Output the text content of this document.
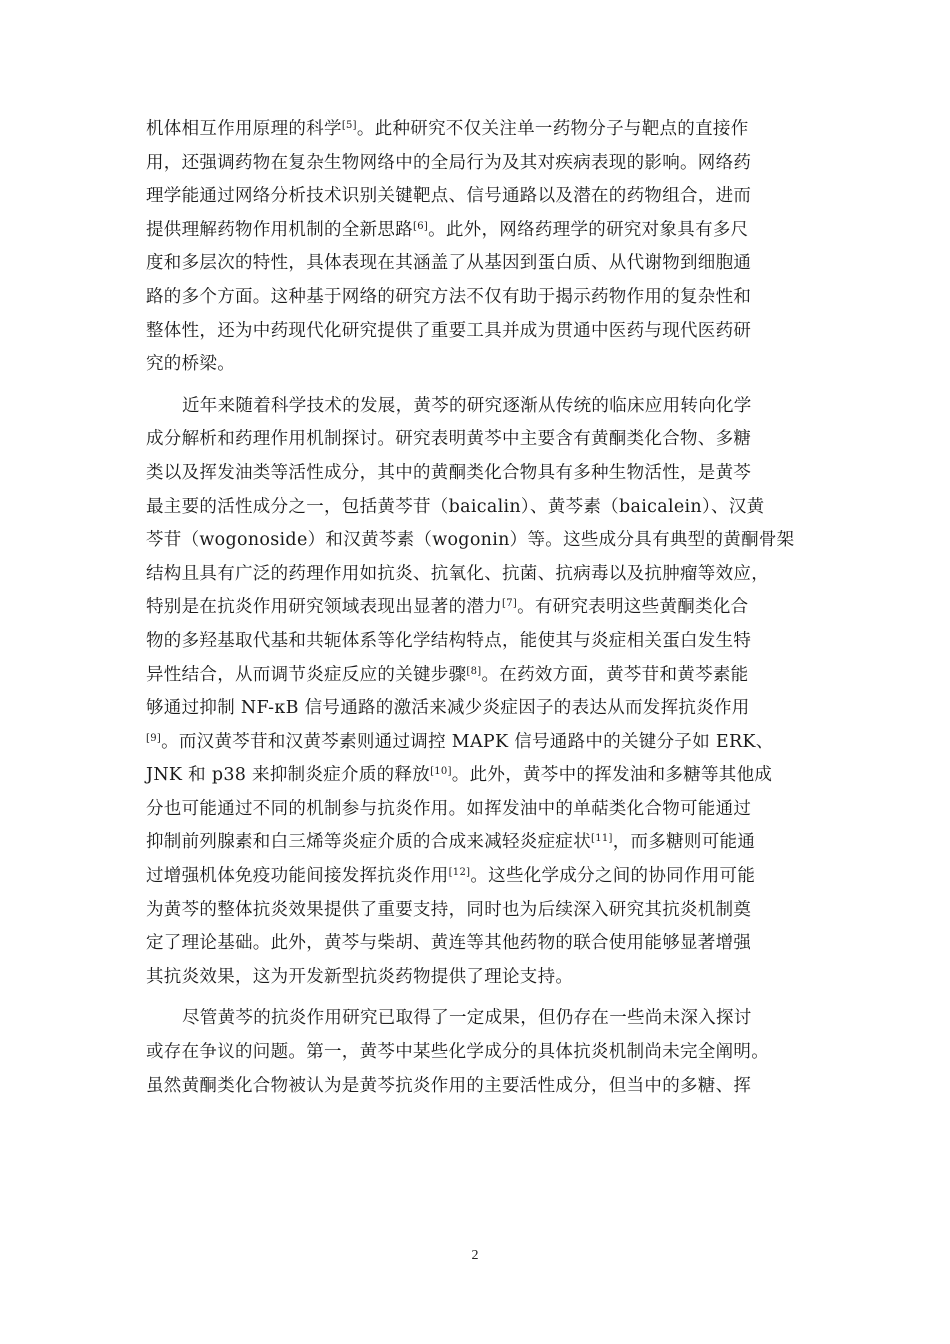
机体相互作用原理的科学[5]。此种研究不仅关注单一药物分子与靶点的直接作
用，还强调药物在复杂生物网络中的全局行为及其对疾病表现的影响。网络药
理学能通过网络分析技术识别关键靶点、信号通路以及潜在的药物组合，进而
提供理解药物作用机制的全新思路[6]。此外，网络药理学的研究对象具有多尺
度和多层次的特性，具体表现在其涵盖了从基因到蛋白质、从代谢物到细胞通
路的多个方面。这种基于网络的研究方法不仅有助于揭示药物作用的复杂性和
整体性，还为中药现代化研究提供了重要工具并成为贯通中医药与现代医药研
究的桥梁。
近年来随着科学技术的发展，黄芩的研究逐渐从传统的临床应用转向化学
成分解析和药理作用机制探讨。研究表明黄芩中主要含有黄酮类化合物、多糖
类以及挥发油类等活性成分，其中的黄酮类化合物具有多种生物活性，是黄芩
最主要的活性成分之一，包括黄芩苷（baicalin）、黄芩素（baicalein）、汉黄
芩苷（wogonoside）和汉黄芩素（wogonin）等。这些成分具有典型的黄酮骨架
结构且具有广泛的药理作用如抗炎、抗氧化、抗菌、抗病毒以及抗肿瘤等效应，
特别是在抗炎作用研究领域表现出显著的潜力[7]。有研究表明这些黄酮类化合
物的多羟基取代基和共轭体系等化学结构特点，能使其与炎症相关蛋白发生特
异性结合，从而调节炎症反应的关键步骤[8]。在药效方面，黄芩苷和黄芩素能
够通过抑制 NF-κB 信号通路的激活来减少炎症因子的表达从而发挥抗炎作用
[9]。而汉黄芩苷和汉黄芩素则通过调控 MAPK 信号通路中的关键分子如 ERK、
JNK 和 p38 来抑制炎症介质的释放[10]。此外，黄芩中的挥发油和多糖等其他成
分也可能通过不同的机制参与抗炎作用。如挥发油中的单萜类化合物可能通过
抑制前列腺素和白三烯等炎症介质的合成来减轻炎症症状[11]，而多糖则可能通
过增强机体免疫功能间接发挥抗炎作用[12]。这些化学成分之间的协同作用可能
为黄芩的整体抗炎效果提供了重要支持，同时也为后续深入研究其抗炎机制奠
定了理论基础。此外，黄芩与柴胡、黄连等其他药物的联合使用能够显著增强
其抗炎效果，这为开发新型抗炎药物提供了理论支持。
尽管黄芩的抗炎作用研究已取得了一定成果，但仍存在一些尚未深入探讨
或存在争议的问题。第一，黄芩中某些化学成分的具体抗炎机制尚未完全阐明。
虽然黄酮类化合物被认为是黄芩抗炎作用的主要活性成分，但当中的多糖、挥
2
